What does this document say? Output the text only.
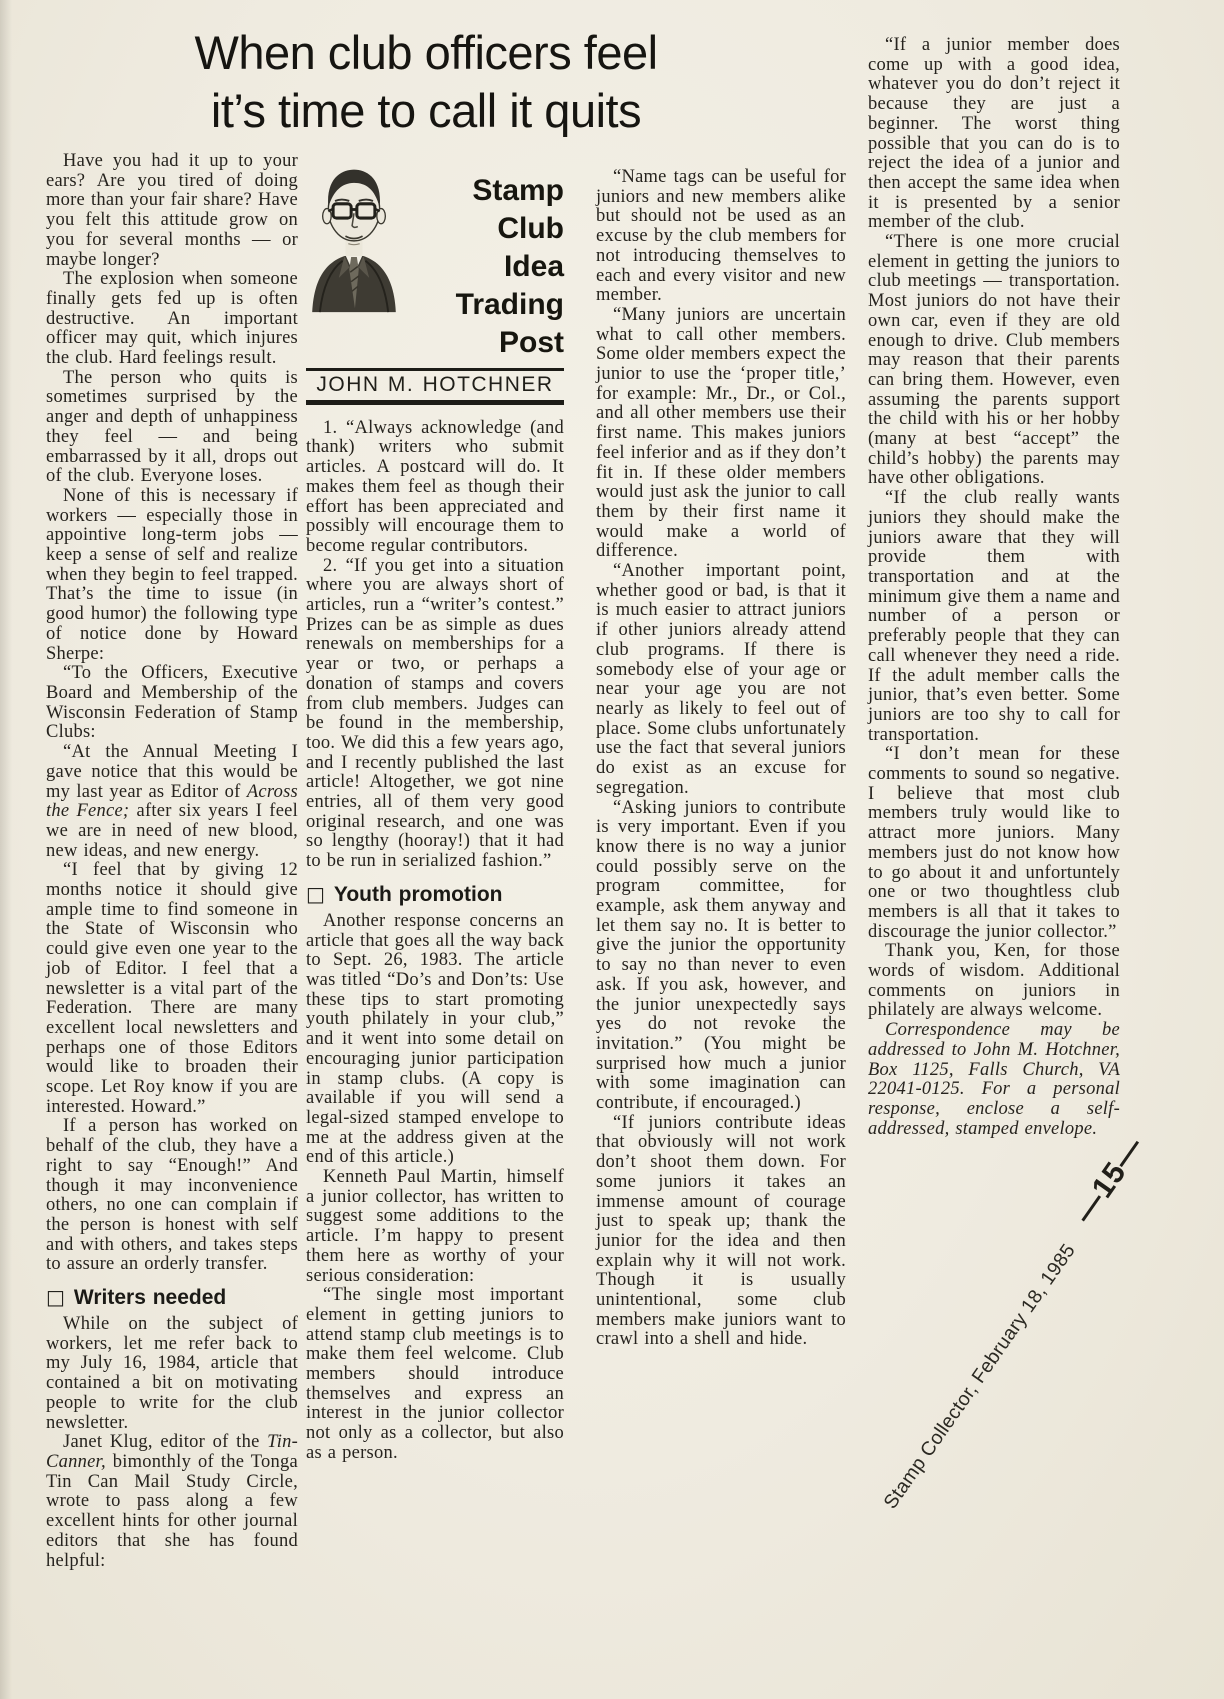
When club officers feel
it’s time to call it quits

Have you had it up to your ears? Are you tired of doing more than your fair share? Have you felt this attitude grow on you for several months — or maybe longer?

The explosion when someone finally gets fed up is often destructive. An important officer may quit, which injures the club. Hard feelings result.

The person who quits is sometimes surprised by the anger and depth of unhappiness they feel — and being embarrassed by it all, drops out of the club. Everyone loses.

None of this is necessary if workers — especially those in appointive long-term jobs — keep a sense of self and realize when they begin to feel trapped. That’s the time to issue (in good humor) the following type of notice done by Howard Sherpe:

“To the Officers, Executive Board and Membership of the Wisconsin Federation of Stamp Clubs:

“At the Annual Meeting I gave notice that this would be my last year as Editor of Across the Fence; after six years I feel we are in need of new blood, new ideas, and new energy.

“I feel that by giving 12 months notice it should give ample time to find someone in the State of Wisconsin who could give even one year to the job of Editor. I feel that a newsletter is a vital part of the Federation. There are many excellent local newsletters and perhaps one of those Editors would like to broaden their scope. Let Roy know if you are interested. Howard.”

If a person has worked on behalf of the club, they have a right to say “Enough!” And though it may inconvenience others, no one can complain if the person is honest with self and with others, and takes steps to assure an orderly transfer.

□ Writers needed

While on the subject of workers, let me refer back to my July 16, 1984, article that contained a bit on motivating people to write for the club newsletter.

Janet Klug, editor of the Tin-Canner, bimonthly of the Tonga Tin Can Mail Study Circle, wrote to pass along a few excellent hints for other journal editors that she has found helpful:

Stamp Club
Idea
Trading
Post
JOHN M. HOTCHNER

1. “Always acknowledge (and thank) writers who submit articles. A postcard will do. It makes them feel as though their effort has been appreciated and possibly will encourage them to become regular contributors.

2. “If you get into a situation where you are always short of articles, run a “writer’s contest.” Prizes can be as simple as dues renewals on memberships for a year or two, or perhaps a donation of stamps and covers from club members. Judges can be found in the membership, too. We did this a few years ago, and I recently published the last article! Altogether, we got nine entries, all of them very good original research, and one was so lengthy (hooray!) that it had to be run in serialized fashion.”

□ Youth promotion

Another response concerns an article that goes all the way back to Sept. 26, 1983. The article was titled “Do’s and Don’ts: Use these tips to start promoting youth philately in your club,” and it went into some detail on encouraging junior participation in stamp clubs. (A copy is available if you will send a legal-sized stamped envelope to me at the address given at the end of this article.)

Kenneth Paul Martin, himself a junior collector, has written to suggest some additions to the article. I’m happy to present them here as worthy of your serious consideration:

“The single most important element in getting juniors to attend stamp club meetings is to make them feel welcome. Club members should introduce themselves and express an interest in the junior collector not only as a collector, but also as a person.

“Name tags can be useful for juniors and new members alike but should not be used as an excuse by the club members for not introducing themselves to each and every visitor and new member.

“Many juniors are uncertain what to call other members. Some older members expect the junior to use the ‘proper title,’ for example: Mr., Dr., or Col., and all other members use their first name. This makes juniors feel inferior and as if they don’t fit in. If these older members would just ask the junior to call them by their first name it would make a world of difference.

“Another important point, whether good or bad, is that it is much easier to attract juniors if other juniors already attend club programs. If there is somebody else of your age or near your age you are not nearly as likely to feel out of place. Some clubs unfortunately use the fact that several juniors do exist as an excuse for segregation.

“Asking juniors to contribute is very important. Even if you know there is no way a junior could possibly serve on the program committee, for example, ask them anyway and let them say no. It is better to give the junior the opportunity to say no than never to even ask. If you ask, however, and the junior unexpectedly says yes do not revoke the invitation.” (You might be surprised how much a junior with some imagination can contribute, if encouraged.)

“If juniors contribute ideas that obviously will not work don’t shoot them down. For some juniors it takes an immense amount of courage just to speak up; thank the junior for the idea and then explain why it will not work. Though it is usually unintentional, some club members make juniors want to crawl into a shell and hide.

“If a junior member does come up with a good idea, whatever you do don’t reject it because they are just a beginner. The worst thing possible that you can do is to reject the idea of a junior and then accept the same idea when it is presented by a senior member of the club.

“There is one more crucial element in getting the juniors to club meetings — transportation. Most juniors do not have their own car, even if they are old enough to drive. Club members may reason that their parents can bring them. However, even assuming the parents support the child with his or her hobby (many at best “accept” the child’s hobby) the parents may have other obligations.

“If the club really wants juniors they should make the juniors aware that they will provide them with transportation and at the minimum give them a name and number of a person or preferably people that they can call whenever they need a ride. If the adult member calls the junior, that’s even better. Some juniors are too shy to call for transportation.

“I don’t mean for these comments to sound so negative. I believe that most club members truly would like to attract more juniors. Many members just do not know how to go about it and unfortuntely one or two thoughtless club members is all that it takes to discourage the junior collector.”

Thank you, Ken, for those words of wisdom. Additional comments on juniors in philately are always welcome.

Correspondence may be addressed to John M. Hotchner, Box 1125, Falls Church, VA 22041-0125. For a personal response, enclose a self-addressed, stamped envelope.

Stamp Collector, February 18, 1985 —15—
